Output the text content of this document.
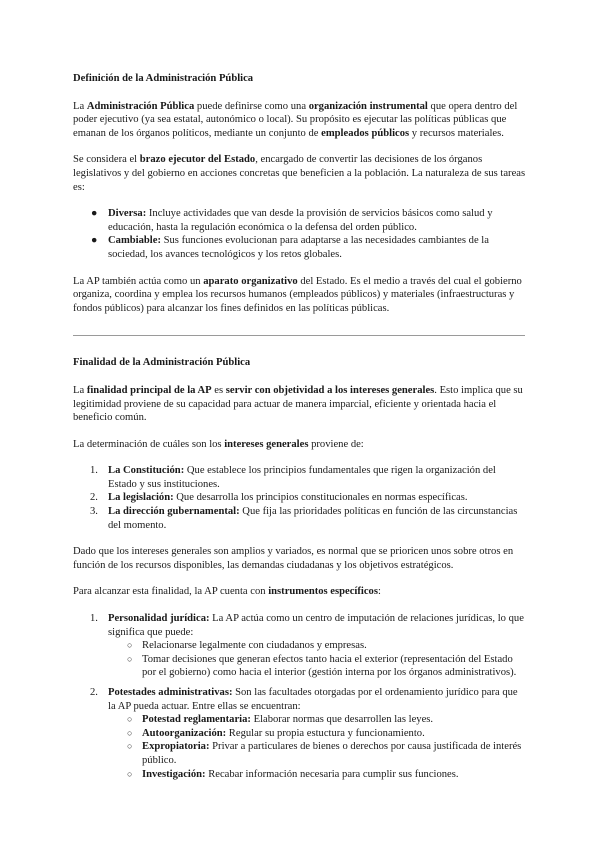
Definición de la Administración Pública

La Administración Pública puede definirse como una organización instrumental que opera dentro del poder ejecutivo (ya sea estatal, autonómico o local). Su propósito es ejecutar las políticas públicas que emanan de los órganos políticos, mediante un conjunto de empleados públicos y recursos materiales.

Se considera el brazo ejecutor del Estado, encargado de convertir las decisiones de los órganos legislativos y del gobierno en acciones concretas que beneficien a la población. La naturaleza de sus tareas es:

● Diversa: Incluye actividades que van desde la provisión de servicios básicos como salud y educación, hasta la regulación económica o la defensa del orden público.
● Cambiable: Sus funciones evolucionan para adaptarse a las necesidades cambiantes de la sociedad, los avances tecnológicos y los retos globales.

La AP también actúa como un aparato organizativo del Estado. Es el medio a través del cual el gobierno organiza, coordina y emplea los recursos humanos (empleados públicos) y materiales (infraestructuras y fondos públicos) para alcanzar los fines definidos en las políticas públicas.

Finalidad de la Administración Pública

La finalidad principal de la AP es servir con objetividad a los intereses generales. Esto implica que su legitimidad proviene de su capacidad para actuar de manera imparcial, eficiente y orientada hacia el beneficio común.

La determinación de cuáles son los intereses generales proviene de:

1. La Constitución: Que establece los principios fundamentales que rigen la organización del Estado y sus instituciones.
2. La legislación: Que desarrolla los principios constitucionales en normas específicas.
3. La dirección gubernamental: Que fija las prioridades políticas en función de las circunstancias del momento.

Dado que los intereses generales son amplios y variados, es normal que se prioricen unos sobre otros en función de los recursos disponibles, las demandas ciudadanas y los objetivos estratégicos.

Para alcanzar esta finalidad, la AP cuenta con instrumentos específicos:

1. Personalidad jurídica: La AP actúa como un centro de imputación de relaciones jurídicas, lo que significa que puede:
○ Relacionarse legalmente con ciudadanos y empresas.
○ Tomar decisiones que generan efectos tanto hacia el exterior (representación del Estado por el gobierno) como hacia el interior (gestión interna por los órganos administrativos).
2. Potestades administrativas: Son las facultades otorgadas por el ordenamiento jurídico para que la AP pueda actuar. Entre ellas se encuentran:
○ Potestad reglamentaria: Elaborar normas que desarrollen las leyes.
○ Autoorganización: Regular su propia estuctura y funcionamiento.
○ Expropiatoria: Privar a particulares de bienes o derechos por causa justificada de interés público.
○ Investigación: Recabar información necesaria para cumplir sus funciones.
